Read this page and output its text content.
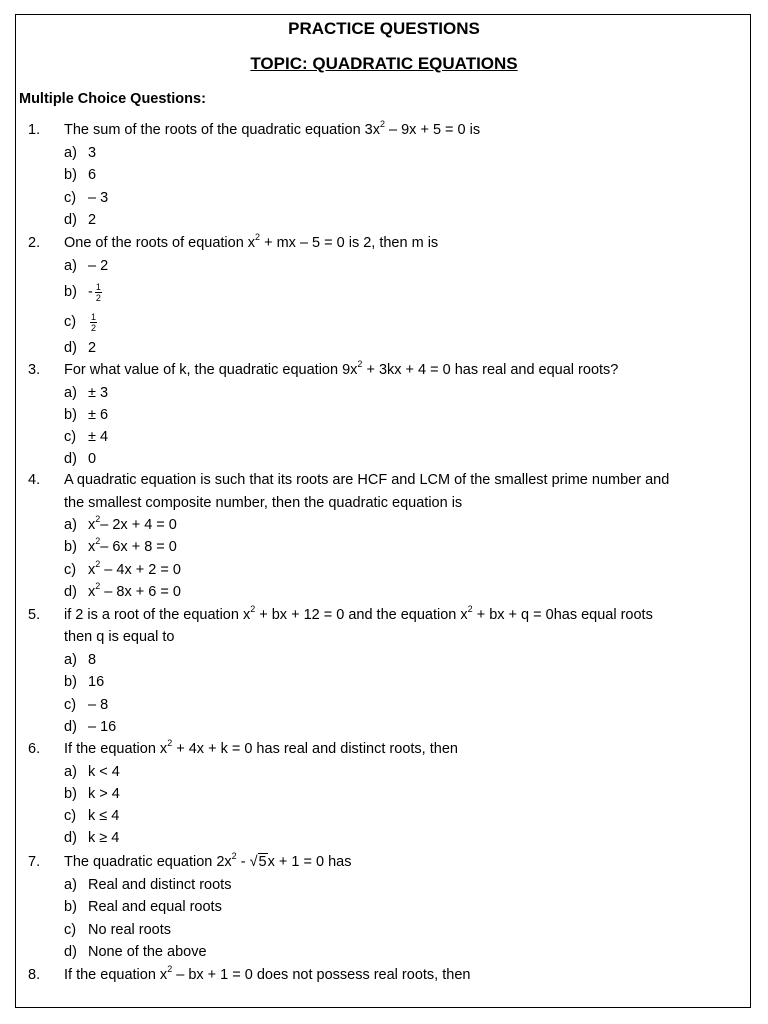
PRACTICE QUESTIONS
TOPIC: QUADRATIC EQUATIONS
Multiple Choice Questions:
1. The sum of the roots of the quadratic equation $3x^2 - 9x + 5 = 0$ is
a) 3
b) 6
c) – 3
d) 2
2. One of the roots of equation $x^2$ + mx – 5 = 0 is 2, then m is
a) – 2
$b) - \frac{1}{2}$
$c) \frac{1}{2}$
d) 2
3. For what value of k, the quadratic equation $9x^2 + 3kx + 4 = 0$ has real and equal roots?
a) ± 3
b) ± 6
c) ± 4
d) 0
4. A quadratic equation is such that its roots are HCF and LCM of the smallest prime number and
the smallest composite number, then the quadratic equation is
a) $x^2-$ 2x + 4 = 0
b) $x^2-$ 6x + 8 = 0
c) $x^2 - 4x + 2 = 0$
d) $x^2 - 8x + 6 = 0$
5. if 2 is a root of the equation $x^2$ + bx + 12 = 0 and the equation $x^2$ + bx + q = 0has equal roots
then q is equal to
a) 8
b) 16
c) – 8
d) – 16
6. If the equation $x^2 + 4x + k = 0$ has real and distinct roots, then
a) k < 4
b) k > 4
c) k ≤ 4
d) k ≥ 4
7. The quadratic equation $2x^2 - √5x + 1 = 0$ has
a) Real and distinct roots
b) Real and equal roots
c) No real roots
d) None of the above
8. If the equation $x^2$ – bx + 1 = 0 does not possess real roots, then
